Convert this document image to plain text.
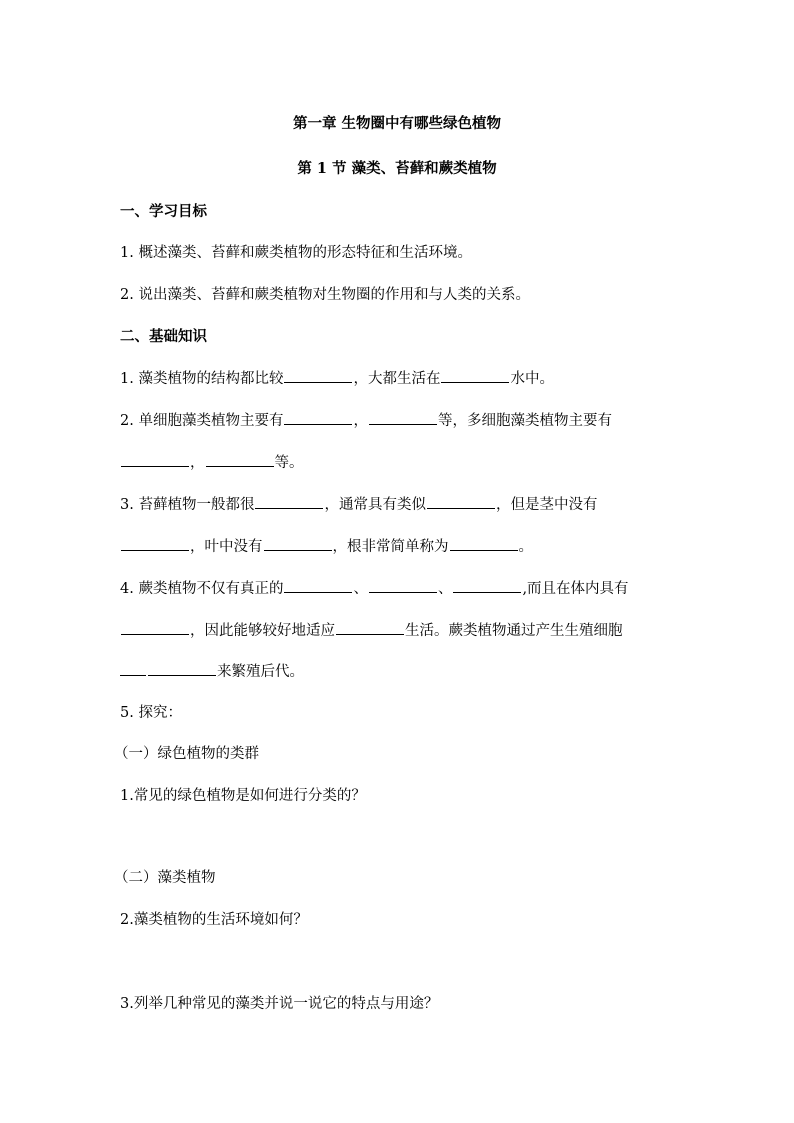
第一章 生物圈中有哪些绿色植物
第 1 节 藻类、苔藓和蕨类植物
一、学习目标
1. 概述藻类、苔藓和蕨类植物的形态特征和生活环境。
2. 说出藻类、苔藓和蕨类植物对生物圈的作用和与人类的关系。
二、基础知识
1. 藻类植物的结构都比较	，大都生活在	水中。
2. 单细胞藻类植物主要有	，	等，多细胞藻类植物主要有
，	等。
3. 苔藓植物一般都很	，通常具有类似	，但是茎中没有
，叶中没有	，根非常简单称为	。
4. 蕨类植物不仅有真正的	、	、	,而且在体内具有
，因此能够较好地适应	生活。蕨类植物通过产生生殖细胞
来繁殖后代。
5. 探究：
（一）绿色植物的类群
1.常见的绿色植物是如何进行分类的？
（二）藻类植物
2.藻类植物的生活环境如何？
3.列举几种常见的藻类并说一说它的特点与用途？
